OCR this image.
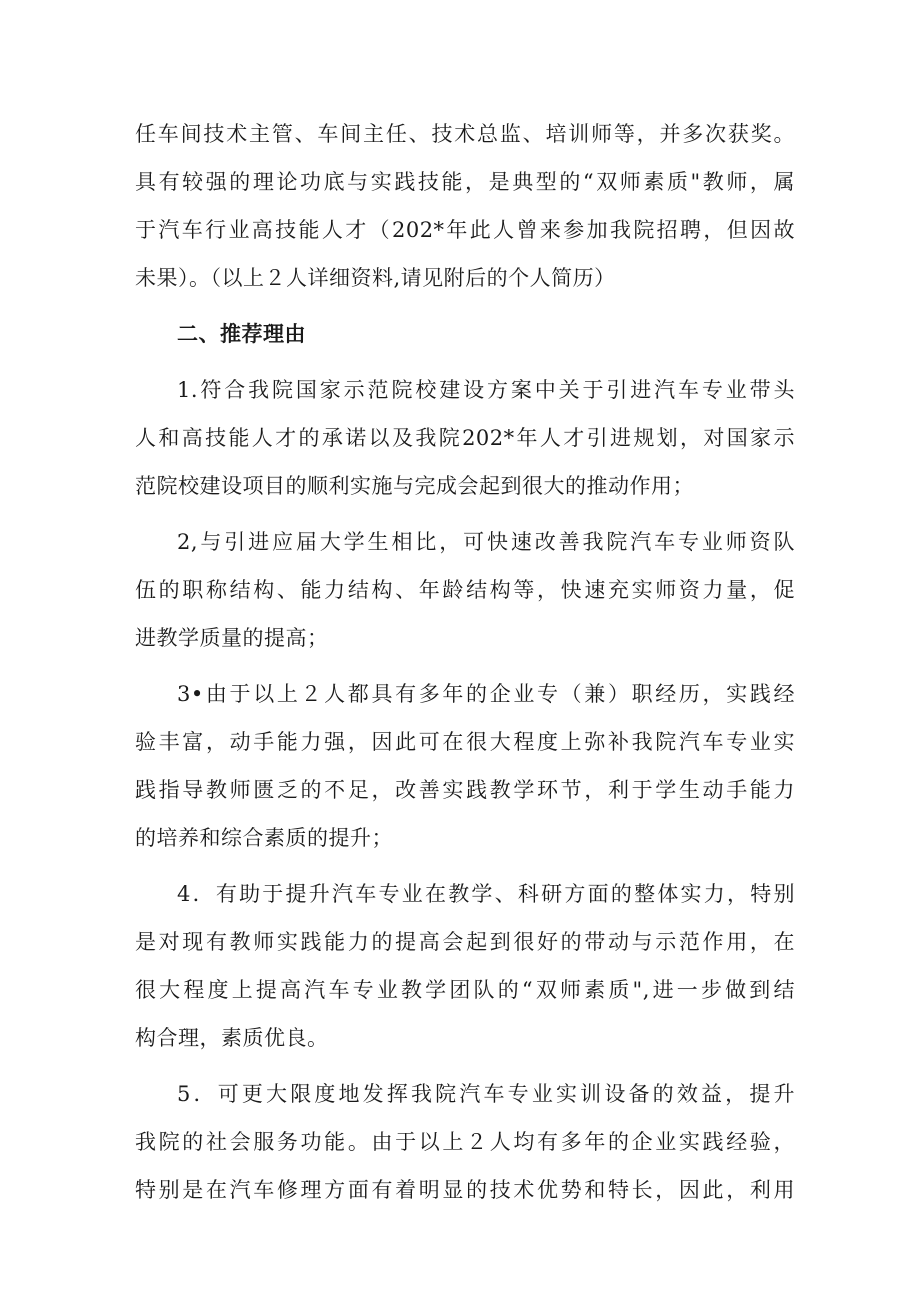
任车间技术主管、车间主任、技术总监、培训师等，并多次获奖。
具有较强的理论功底与实践技能，是典型的“双师素质"教师，属
于汽车行业高技能人才（202*年此人曾来参加我院招聘，但因故
未果）。（以上２人详细资料,请见附后的个人简历）
二、推荐理由
1.符合我院国家示范院校建设方案中关于引进汽车专业带头
人和高技能人才的承诺以及我院202*年人才引进规划，对国家示
范院校建设项目的顺利实施与完成会起到很大的推动作用；
2,与引进应届大学生相比，可快速改善我院汽车专业师资队
伍的职称结构、能力结构、年龄结构等，快速充实师资力量，促
进教学质量的提高；
3•由于以上２人都具有多年的企业专（兼）职经历，实践经
验丰富，动手能力强，因此可在很大程度上弥补我院汽车专业实
践指导教师匮乏的不足，改善实践教学环节，利于学生动手能力
的培养和综合素质的提升；
4．有助于提升汽车专业在教学、科研方面的整体实力，特别
是对现有教师实践能力的提高会起到很好的带动与示范作用，在
很大程度上提高汽车专业教学团队的“双师素质",进一步做到结
构合理，素质优良。
5．可更大限度地发挥我院汽车专业实训设备的效益，提升
我院的社会服务功能。由于以上２人均有多年的企业实践经验，
特别是在汽车修理方面有着明显的技术优势和特长，因此，利用
